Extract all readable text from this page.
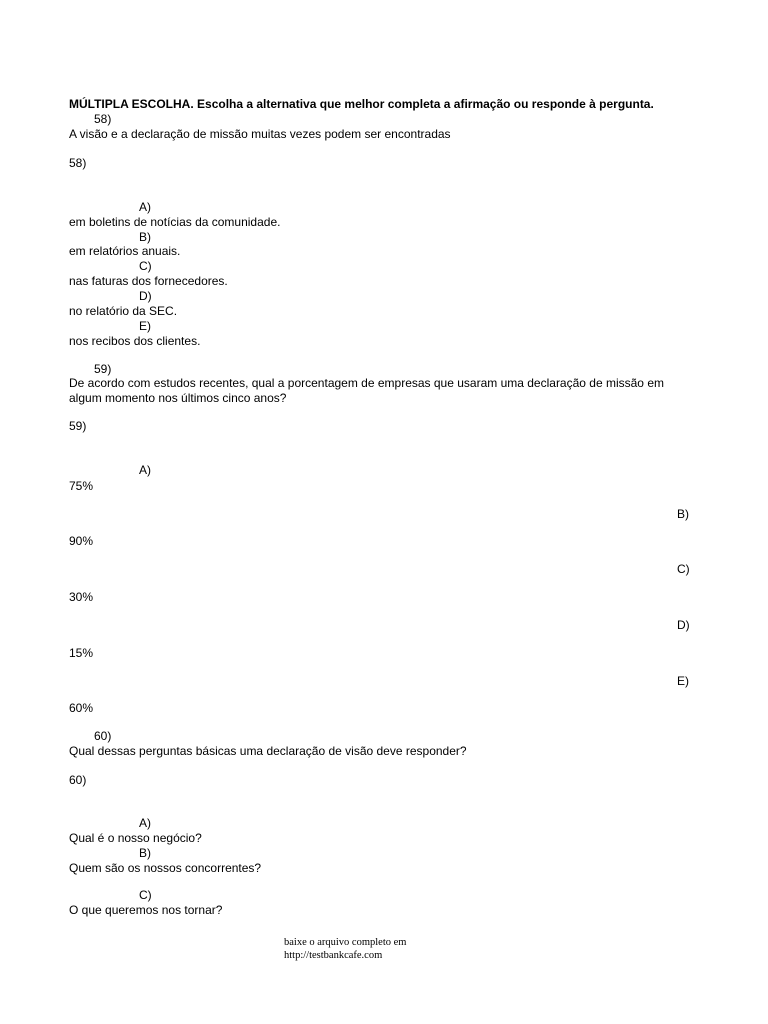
MÚLTIPLA ESCOLHA. Escolha a alternativa que melhor completa a afirmação ou responde à pergunta.
58)
A visão e a declaração de missão muitas vezes podem ser encontradas
58)
A)
em boletins de notícias da comunidade.
B)
em relatórios anuais.
C)
nas faturas dos fornecedores.
D)
no relatório da SEC.
E)
nos recibos dos clientes.
59)
De acordo com estudos recentes, qual a porcentagem de empresas que usaram uma declaração de missão em algum momento nos últimos cinco anos?
59)
A)
75%
B)
90%
C)
30%
D)
15%
E)
60%
60)
Qual dessas perguntas básicas uma declaração de visão deve responder?
60)
A)
Qual é o nosso negócio?
B)
Quem são os nossos concorrentes?
C)
O que queremos nos tornar?
baixe o arquivo completo em
http://testbankcafe.com
